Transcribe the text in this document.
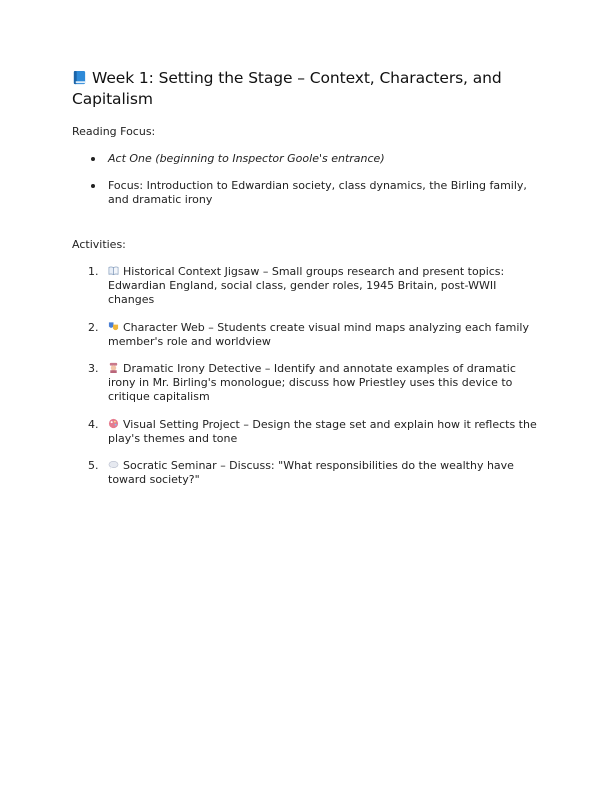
Week 1: Setting the Stage – Context, Characters, and Capitalism

Reading Focus:

Act One (beginning to Inspector Goole's entrance)
Focus: Introduction to Edwardian society, class dynamics, the Birling family, and dramatic irony

Activities:

1. Historical Context Jigsaw – Small groups research and present topics: Edwardian England, social class, gender roles, 1945 Britain, post-WWII changes
2. Character Web – Students create visual mind maps analyzing each family member's role and worldview
3. Dramatic Irony Detective – Identify and annotate examples of dramatic irony in Mr. Birling's monologue; discuss how Priestley uses this device to critique capitalism
4. Visual Setting Project – Design the stage set and explain how it reflects the play's themes and tone
5. Socratic Seminar – Discuss: "What responsibilities do the wealthy have toward society?"
